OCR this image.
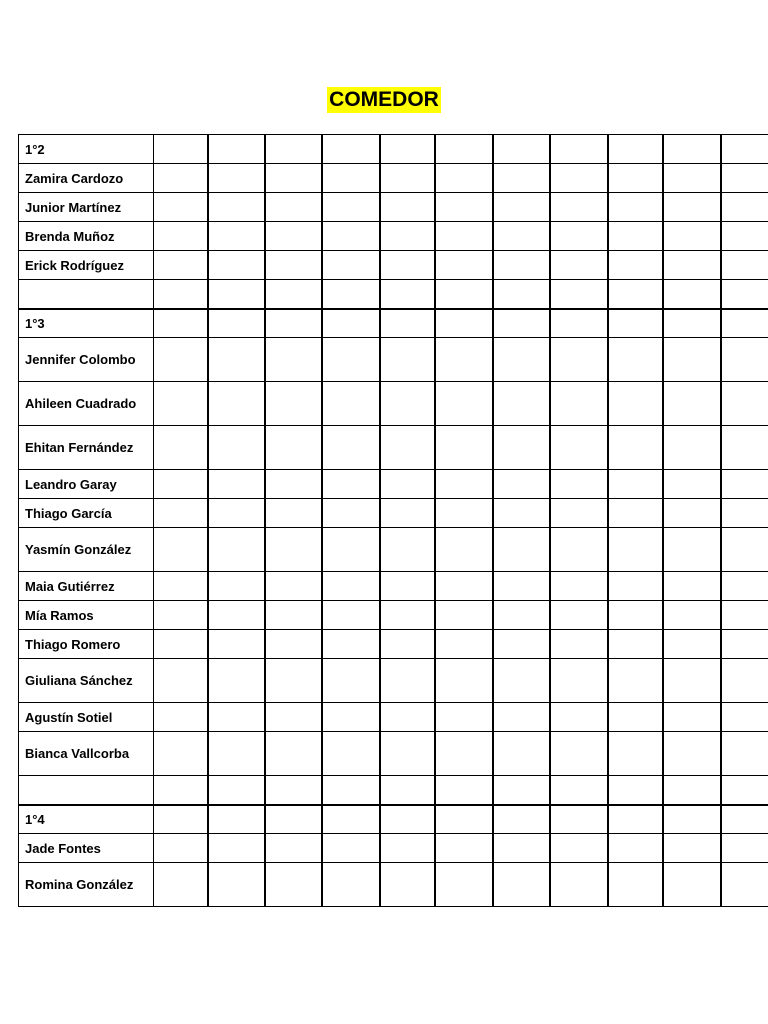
COMEDOR
1°2											
Zamira Cardozo											
Junior Martínez											
Brenda Muñoz											
Erick Rodríguez											

1°3											
Jennifer Colombo											
Ahileen Cuadrado											
Ehitan Fernández											
Leandro Garay											
Thiago García											
Yasmín González											
Maia Gutiérrez											
Mía Ramos											
Thiago Romero											
Giuliana Sánchez											
Agustín Sotiel											
Bianca Vallcorba											

1°4											
Jade Fontes											
Romina González											
